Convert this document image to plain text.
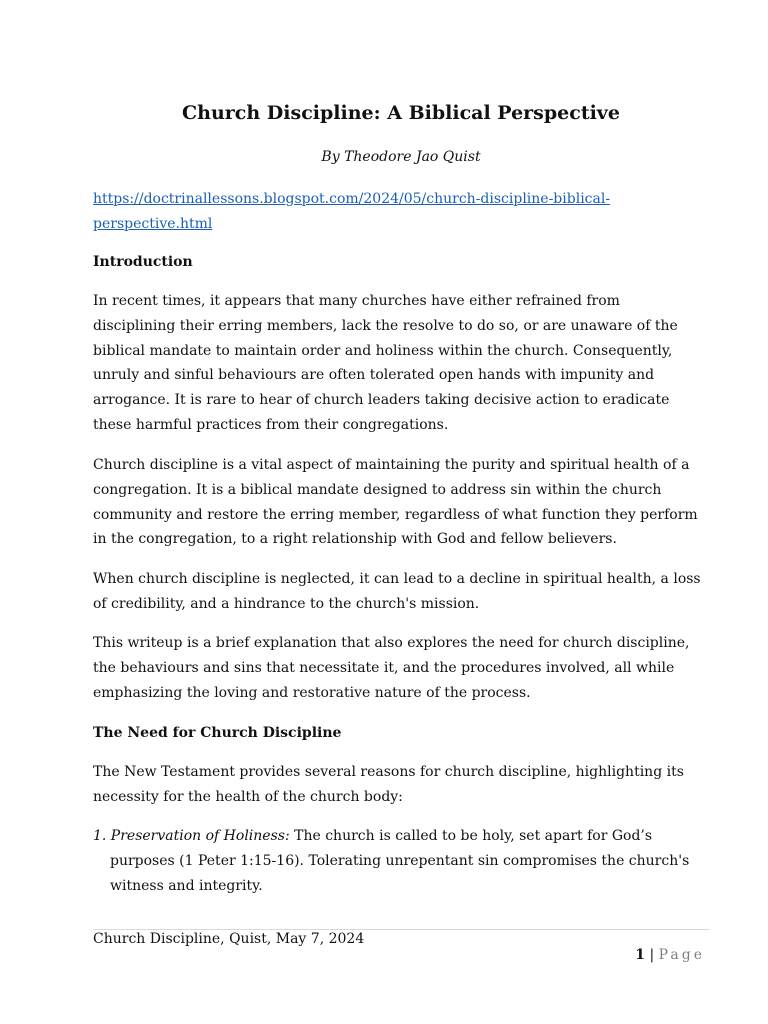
Church Discipline: A Biblical Perspective
By Theodore Jao Quist
https://doctrinallessons.blogspot.com/2024/05/church-discipline-biblical-perspective.html
Introduction
In recent times, it appears that many churches have either refrained from disciplining their erring members, lack the resolve to do so, or are unaware of the biblical mandate to maintain order and holiness within the church. Consequently, unruly and sinful behaviours are often tolerated open hands with impunity and arrogance. It is rare to hear of church leaders taking decisive action to eradicate these harmful practices from their congregations.
Church discipline is a vital aspect of maintaining the purity and spiritual health of a congregation. It is a biblical mandate designed to address sin within the church community and restore the erring member, regardless of what function they perform in the congregation, to a right relationship with God and fellow believers.
When church discipline is neglected, it can lead to a decline in spiritual health, a loss of credibility, and a hindrance to the church's mission.
This writeup is a brief explanation that also explores the need for church discipline, the behaviours and sins that necessitate it, and the procedures involved, all while emphasizing the loving and restorative nature of the process.
The Need for Church Discipline
The New Testament provides several reasons for church discipline, highlighting its necessity for the health of the church body:
1. Preservation of Holiness: The church is called to be holy, set apart for God’s purposes (1 Peter 1:15-16). Tolerating unrepentant sin compromises the church's witness and integrity.
Church Discipline, Quist, May 7, 2024
1 | Page
